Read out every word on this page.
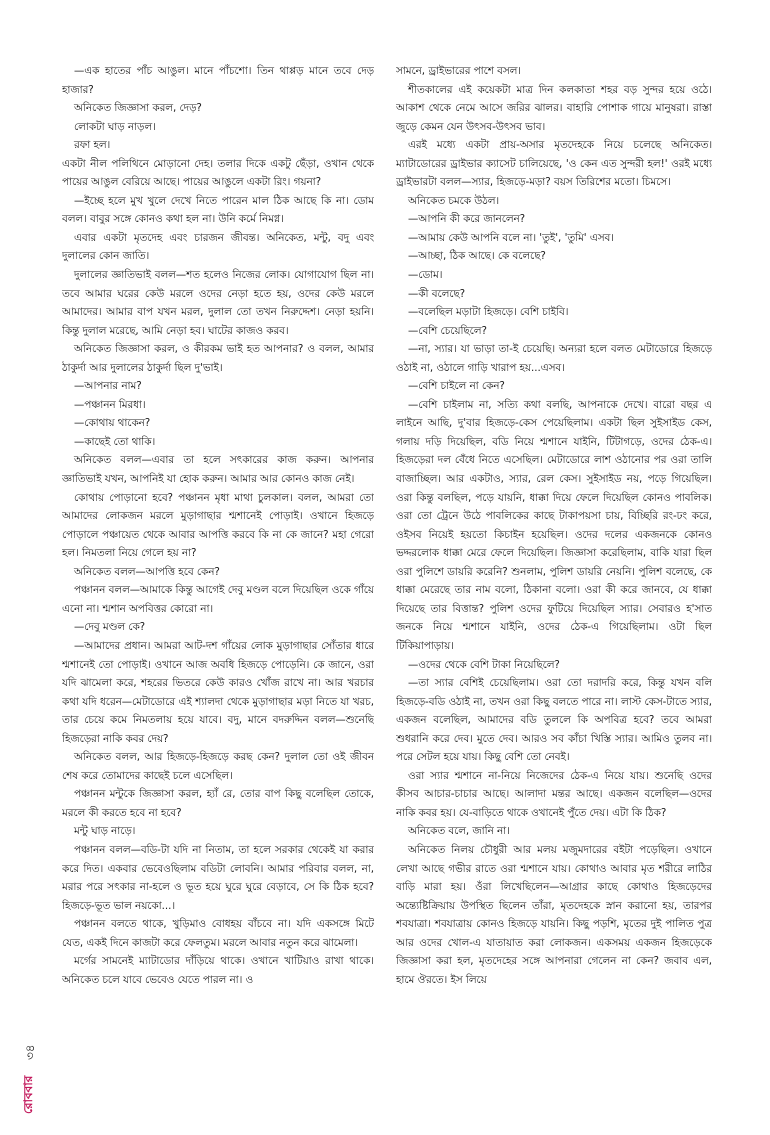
—এক হাতের পাঁচ আঙুল। মানে পাঁচশো। তিন থাপ্পড় মানে তবে দেড় হাজার?

অনিকেত জিজ্ঞাসা করল, দেড়?

লোকটা ঘাড় নাড়ল।

রফা হল।

একটা নীল পলিথিনে মোড়ানো দেহ। তলার দিকে একটু ছেঁড়া, ওখান থেকে পায়ের আঙুল বেরিয়ে আছে। পায়ের আঙুলে একটা রিং। গয়না?

—ইচ্ছে হলে মুখ খুলে দেখে নিতে পারেন মাল ঠিক আছে কি না। ডোম বলল। বাবুর সঙ্গে কোনও কথা হল না। উনি কর্মে নিমগ্ন।

এবার একটা মৃতদেহ এবং চারজন জীবন্ত। অনিকেত, মন্টু, বদু এবং দুলালের কোন জাতি।

দুলালের জ্ঞাতিভাই বলল—শত হলেও নিজের লোক। যোগাযোগ ছিল না। তবে আমার ঘরের কেউ মরলে ওদের নেড়া হতে হয়, ওদের কেউ মরলে আমাদের। আমার বাপ যখন মরল, দুলাল তো তখন নিরুদ্দেশ। নেড়া হয়নি। কিন্তু দুলাল মরেছে, আমি নেড়া হব। ঘাটের কাজও করব।

অনিকেত জিজ্ঞাসা করল, ও কীরকম ভাই হত আপনার? ও বলল, আমার ঠাকুর্দা আর দুলালের ঠাকুর্দা ছিল দু'ভাই।

—আপনার নাম?

—পঞ্চানন মিরধা।

—কোথায় থাকেন?

—কাছেই তো থাকি।

অনিকেত বলল—এবার তা হলে সৎকারের কাজ করুন। আপনার জ্ঞাতিভাই যখন, আপনিই যা হোক করুন। আমার আর কোনও কাজ নেই।

কোথায় পোড়ানো হবে? পঞ্চানন মৃধা মাথা চুলকাল। বলল, আমরা তো আমাদের লোকজন মরলে মুড়াগাছার শ্মশানেই পোড়াই। ওখানে হিজড়ে পোড়ালে পঞ্চায়েত থেকে আবার আপত্তি করবে কি না কে জানে? মহা গেরো হল। নিমতলা নিয়ে গেলে হয় না?

অনিকেত বলল—আপত্তি হবে কেন?

পঞ্চানন বলল—আমাকে কিন্তু আগেই দেবু মণ্ডল বলে দিয়েছিল ওকে গাঁয়ে এনো না। শ্মশান অপবিত্তর কোরো না।

—দেবু মণ্ডল কে?

—আমাদের প্রধান। আমরা আট-দশ গাঁয়ের লোক মুড়াগাছার সোঁতার ধারে শ্মশানেই তো পোড়াই। ওখানে আজ অবধি হিজড়ে পোড়েনি। কে জানে, ওরা যদি ঝামেলা করে, শহরের ভিতরে কেউ কারও খোঁজ রাখে না। আর খরচার কথা যদি ধরেন—মেটাডোরে এই শ্যালদা থেকে মুড়াগাছার মড়া নিতে যা খরচ, তার চেয়ে কমে নিমতলায় হয়ে যাবে। বদু, মানে বদরুদ্দিন বলল—শুনেছি হিজড়েরা নাকি কবর দেয়?

অনিকেত বলল, আর হিজড়ে-হিজড়ে করছ কেন? দুলাল তো ওই জীবন শেষ করে তোমাদের কাছেই চলে এসেছিল।

পঞ্চানন মন্টুকে জিজ্ঞাসা করল, হ্যাঁ রে, তোর বাপ কিছু বলেছিল তোকে, মরলে কী করতে হবে না হবে?

মন্টু ঘাড় নাড়ে।

পঞ্চানন বলল—বডি-টা যদি না নিতাম, তা হলে সরকার থেকেই যা করার করে দিত। একবার ভেবেওছিলাম বডিটা লোবনি। আমার পরিবার বলল, না, মরার পরে সৎকার না-হলে ও ভূত হয়ে ঘুরে ঘুরে বেড়াবে, সে কি ঠিক হবে? হিজড়ে-ভূত ভাল নয়কো...।

পঞ্চানন বলতে থাকে, খুড়িমাও বোধহয় বাঁচবে না। যদি একসঙ্গে মিটে যেত, একই দিনে কাজটা করে ফেলতুম। মরলে আবার নতুন করে ঝামেলা।

মর্গের সামনেই ম্যাটাডোর দাঁড়িয়ে থাকে। ওখানে খাটিয়াও রাখা থাকে। অনিকেত চলে যাবে ভেবেও যেতে পারল না। ও

সামনে, ড্রাইভারের পাশে বসল।

শীতকালের এই কয়েকটা মাত্র দিন কলকাতা শহর বড় সুন্দর হয়ে ওঠে। আকাশ থেকে নেমে আসে জরির ঝালর। বাহারি পোশাক গায়ে মানুষরা। রাস্তা জুড়ে কেমন যেন উৎসব-উৎসব ভাব।

এরই মধ্যে একটা প্রায়-অসার মৃতদেহকে নিয়ে চলেছে অনিকেত। ম্যাটাডোরের ড্রাইভার ক্যাসেট চালিয়েছে, 'ও কেন এত সুন্দরী হল!' ওরই মধ্যে ড্রাইভারটা বলল—স্যার, হিজড়ে-মড়া? বয়স তিরিশের মতো। চিমসে।

অনিকেত চমকে উঠল।

—আপনি কী করে জানলেন?

—আমায় কেউ আপনি বলে না। 'তুই', 'তুমি' এসব।

—আচ্ছা, ঠিক আছে। কে বলেছে?

—ডোম।

—কী বলেছে?

—বলেছিল মড়াটা হিজড়ে। বেশি চাইবি।

—বেশি চেয়েছিলে?

—না, স্যার। যা ভাড়া তা-ই চেয়েছি। অন্যরা হলে বলত মেটাডোরে হিজড়ে ওঠাই না, ওঠালে গাড়ি খারাপ হয়...এসব।

—বেশি চাইলে না কেন?

—বেশি চাইলাম না, সত্যি কথা বলছি, আপনাকে দেখে। বারো বছর এ লাইনে আছি, দু'বার হিজড়ে-কেস পেয়েছিলাম। একটা ছিল সুইসাইড কেস, গলায় দড়ি দিয়েছিল, বডি নিয়ে শ্মশানে যাইনি, টিটাগড়ে, ওদের ঠেক-এ। হিজড়েরা দল বেঁধে নিতে এসেছিল। মেটাডোরে লাশ ওঠানোর পর ওরা তালি বাজাচ্ছিল। আর একটাও, স্যার, রেল কেস। সুইসাইড নয়, পড়ে গিয়েছিল। ওরা কিন্তু বলছিল, পড়ে যায়নি, ধাক্কা দিয়ে ফেলে দিয়েছিল কোনও পাবলিক। ওরা তো ট্রেনে উঠে পাবলিকের কাছে টাকাপয়সা চায়, বিচ্ছিরি রং-ঢং করে, ওইসব নিয়েই হয়তো কিচাইন হয়েছিল। ওদের দলের একজনকে কোনও ভদ্দরলোক ধাক্কা মেরে ফেলে দিয়েছিল। জিজ্ঞাসা করেছিলাম, বাকি যারা ছিল ওরা পুলিশে ডায়রি করেনি? শুনলাম, পুলিশ ডায়রি নেয়নি। পুলিশ বলেছে, কে ধাক্কা মেরেছে তার নাম বলো, ঠিকানা বলো। ওরা কী করে জানবে, যে ধাক্কা দিয়েছে তার বিত্তান্ত? পুলিশ ওদের ফুটিয়ে দিয়েছিল স্যার। সেবারও হ'সাত জনকে নিয়ে শ্মশানে যাইনি, ওদের ঠেক-এ গিয়েছিলাম। ওটা ছিল টিকিয়াপাড়ায়।

—ওদের থেকে বেশি টাকা নিয়েছিলে?

—তা স্যার বেশিই চেয়েছিলাম। ওরা তো দরাদরি করে, কিন্তু যখন বলি হিজড়ে-বডি ওঠাই না, তখন ওরা কিছু বলতে পারে না। লাস্ট কেস-টাতে স্যার, একজন বলেছিল, আমাদের বডি তুললে কি অপবিত্র হবে? তবে আমরা শুধরানি করে দেব। মুতে দেব। আরও সব কাঁচা খিস্তি স্যার। আমিও তুলব না। পরে সেটল হয়ে যায়। কিছু বেশি তো নেবই।

ওরা স্যার শ্মশানে না-নিয়ে নিজেদের ঠেক-এ নিয়ে যায়। শুনেছি ওদের কীসব আচার-চাচার আছে। আলাদা মন্তর আছে। একজন বলেছিল—ওদের নাকি কবর হয়। যে-বাড়িতে থাকে ওখানেই পুঁতে দেয়। এটা কি ঠিক?

অনিকেত বলে, জানি না।

অনিকেত নিলয় চৌধুরী আর মলয় মজুমদারের বইটা পড়েছিল। ওখানে লেখা আছে গভীর রাতে ওরা শ্মশানে যায়। কোথাও আবার মৃত শরীরে লাঠির বাড়ি মারা হয়। ওঁরা লিখেছিলেন—আগ্রার কাছে কোথাও হিজড়েদের অন্ত্যেষ্টিক্রিয়ায় উপস্থিত ছিলেন তাঁরা, মৃতদেহকে স্নান করানো হয়, তারপর শবযাত্রা। শবযাত্রায় কোনও হিজড়ে যায়নি। কিছু পড়শি, মৃতের দুই পালিত পুত্র আর ওদের খোল-এ যাতায়াত করা লোকজন। একসময় একজন হিজড়েকে জিজ্ঞাসা করা হল, মৃতদেহের সঙ্গে আপনারা গেলেন না কেন? জবাব এল, হামে ঔরতে। ইস লিয়ে

৩৪
রোববার
